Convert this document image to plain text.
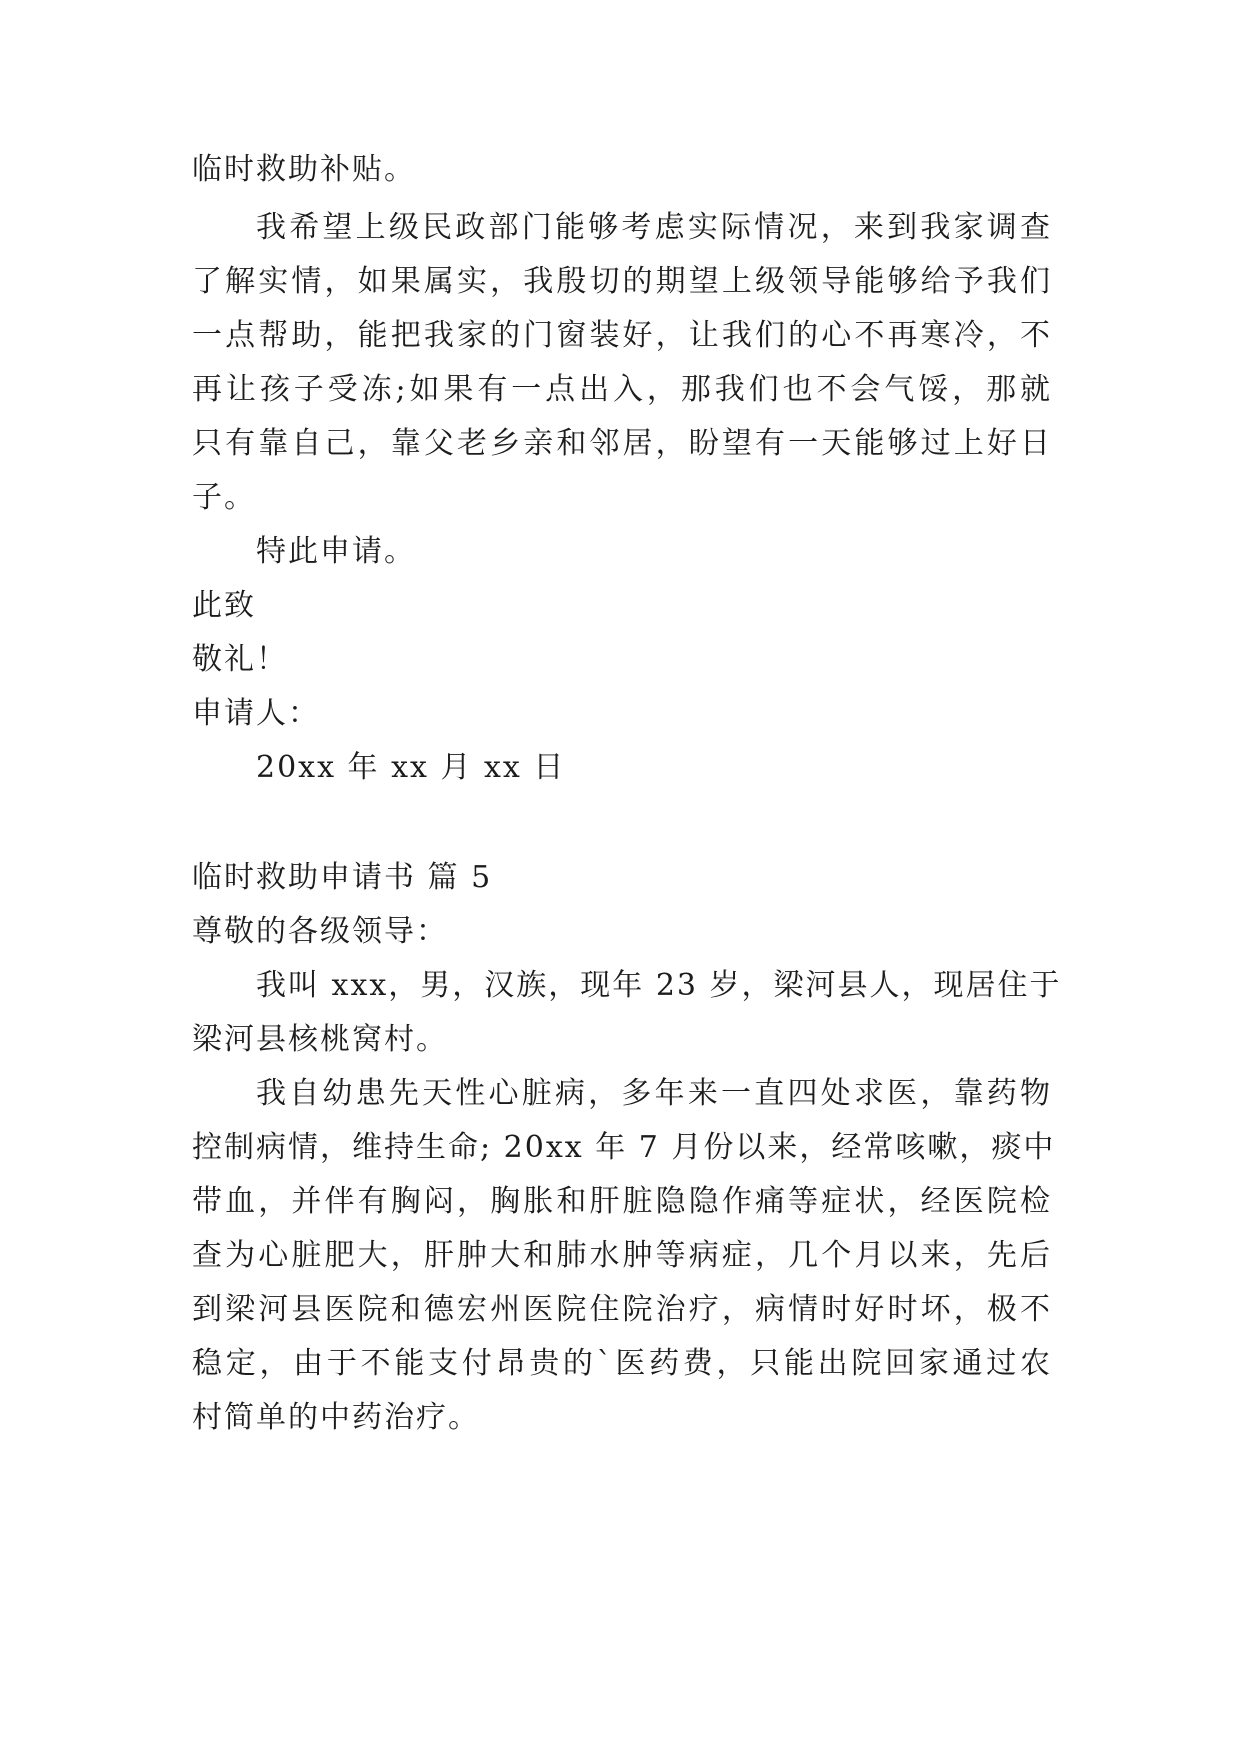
临时救助补贴。

我希望上级民政部门能够考虑实际情况，来到我家调查

了解实情，如果属实，我殷切的期望上级领导能够给予我们

一点帮助，能把我家的门窗装好，让我们的心不再寒冷，不

再让孩子受冻;如果有一点出入，那我们也不会气馁，那就

只有靠自己，靠父老乡亲和邻居，盼望有一天能够过上好日

子。

特此申请。

此致

敬礼！

申请人：

20xx 年 xx 月 xx 日

临时救助申请书 篇 5

尊敬的各级领导：

我叫 xxx，男，汉族，现年 23 岁，梁河县人，现居住于

梁河县核桃窝村。

我自幼患先天性心脏病，多年来一直四处求医，靠药物

控制病情，维持生命; 20xx 年 7 月份以来，经常咳嗽，痰中

带血，并伴有胸闷，胸胀和肝脏隐隐作痛等症状，经医院检

查为心脏肥大，肝肿大和肺水肿等病症，几个月以来，先后

到梁河县医院和德宏州医院住院治疗，病情时好时坏，极不

稳定，由于不能支付昂贵的`医药费，只能出院回家通过农

村简单的中药治疗。
